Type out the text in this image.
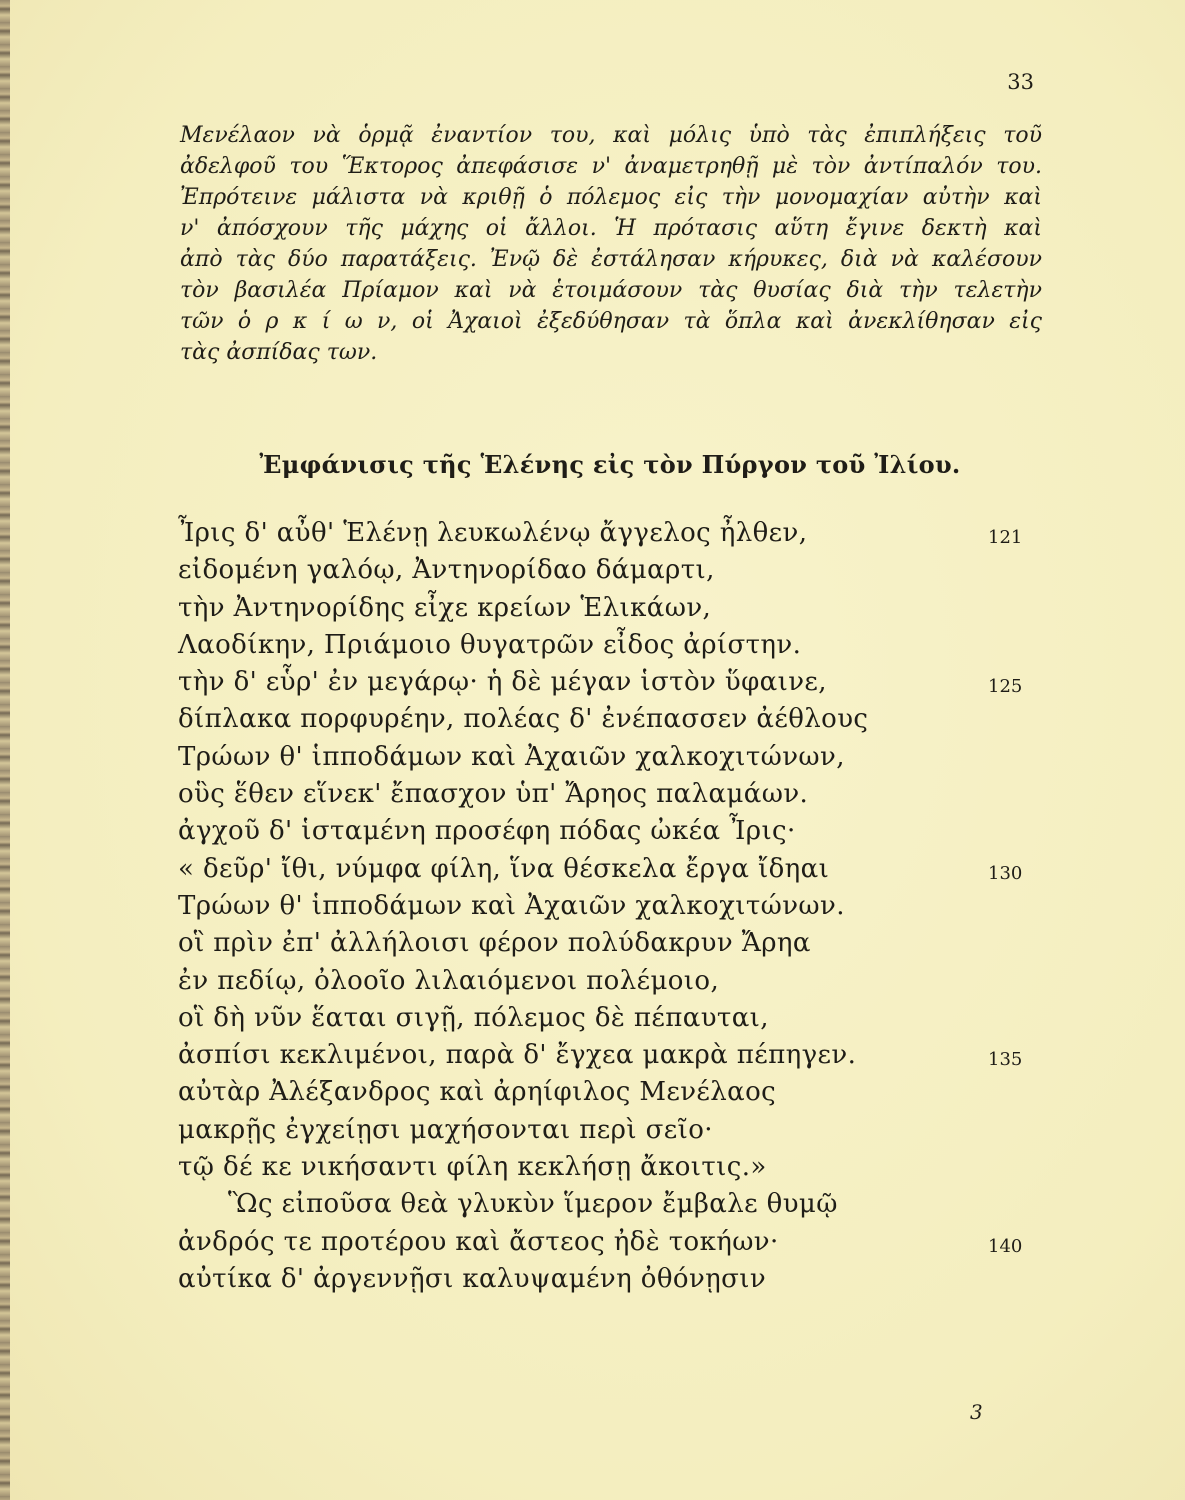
33
Μενέλαον νὰ ὁρμᾷ ἐναντίον του, καὶ μόλις ὑπὸ τὰς ἐπιπλήξεις τοῦ
ἀδελφοῦ του Ἕκτορος ἀπεφάσισε ν' ἀναμετρηθῇ μὲ τὸν ἀντίπαλόν του.
Ἐπρότεινε μάλιστα νὰ κριθῇ ὁ πόλεμος εἰς τὴν μονομαχίαν αὐτὴν καὶ
ν' ἀπόσχουν τῆς μάχης οἱ ἄλλοι. Ἡ πρότασις αὕτη ἔγινε δεκτὴ καὶ
ἀπὸ τὰς δύο παρατάξεις. Ἐνῷ δὲ ἐστάλησαν κήρυκες, διὰ νὰ καλέσουν
τὸν βασιλέα Πρίαμον καὶ νὰ ἑτοιμάσουν τὰς θυσίας διὰ τὴν τελετὴν
τῶν ὁ ρ κ ί ω ν, οἱ Ἀχαιοὶ ἐξεδύθησαν τὰ ὅπλα καὶ ἀνεκλίθησαν εἰς
τὰς ἀσπίδας των.
Ἐμφάνισις τῆς Ἑλένης εἰς τὸν Πύργον τοῦ Ἰλίου.
Ἶρις δ' αὖθ' Ἑλένῃ λευκωλένῳ ἄγγελος ἦλθεν,	121
εἰδομένη γαλόῳ, Ἀντηνορίδαο δάμαρτι,
τὴν Ἀντηνορίδης εἶχε κρείων Ἑλικάων,
Λαοδίκην, Πριάμοιο θυγατρῶν εἶδος ἀρίστην.
τὴν δ' εὗρ' ἐν μεγάρῳ· ἡ δὲ μέγαν ἱστὸν ὕφαινε,	125
δίπλακα πορφυρέην, πολέας δ' ἐνέπασσεν ἀέθλους
Τρώων θ' ἱπποδάμων καὶ Ἀχαιῶν χαλκοχιτώνων,
οὓς ἕθεν εἵνεκ' ἔπασχον ὑπ' Ἄρηος παλαμάων.
ἀγχοῦ δ' ἱσταμένη προσέφη πόδας ὠκέα Ἶρις·
« δεῦρ' ἴθι, νύμφα φίλη, ἵνα θέσκελα ἔργα ἴδηαι	130
Τρώων θ' ἱπποδάμων καὶ Ἀχαιῶν χαλκοχιτώνων.
οἳ πρὶν ἐπ' ἀλλήλοισι φέρον πολύδακρυν Ἄρηα
ἐν πεδίῳ, ὀλοοῖο λιλαιόμενοι πολέμοιο,
οἳ δὴ νῦν ἕαται σιγῇ, πόλεμος δὲ πέπαυται,
ἀσπίσι κεκλιμένοι, παρὰ δ' ἔγχεα μακρὰ πέπηγεν.	135
αὐτὰρ Ἀλέξανδρος καὶ ἀρηίφιλος Μενέλαος
μακρῇς ἐγχείῃσι μαχήσονται περὶ σεῖο·
τῷ δέ κε νικήσαντι φίλη κεκλήσῃ ἄκοιτις.»
Ὣς εἰποῦσα θεὰ γλυκὺν ἵμερον ἔμβαλε θυμῷ
ἀνδρός τε προτέρου καὶ ἄστεος ἠδὲ τοκήων·	140
αὐτίκα δ' ἀργεννῇσι καλυψαμένη ὀθόνῃσιν
3
